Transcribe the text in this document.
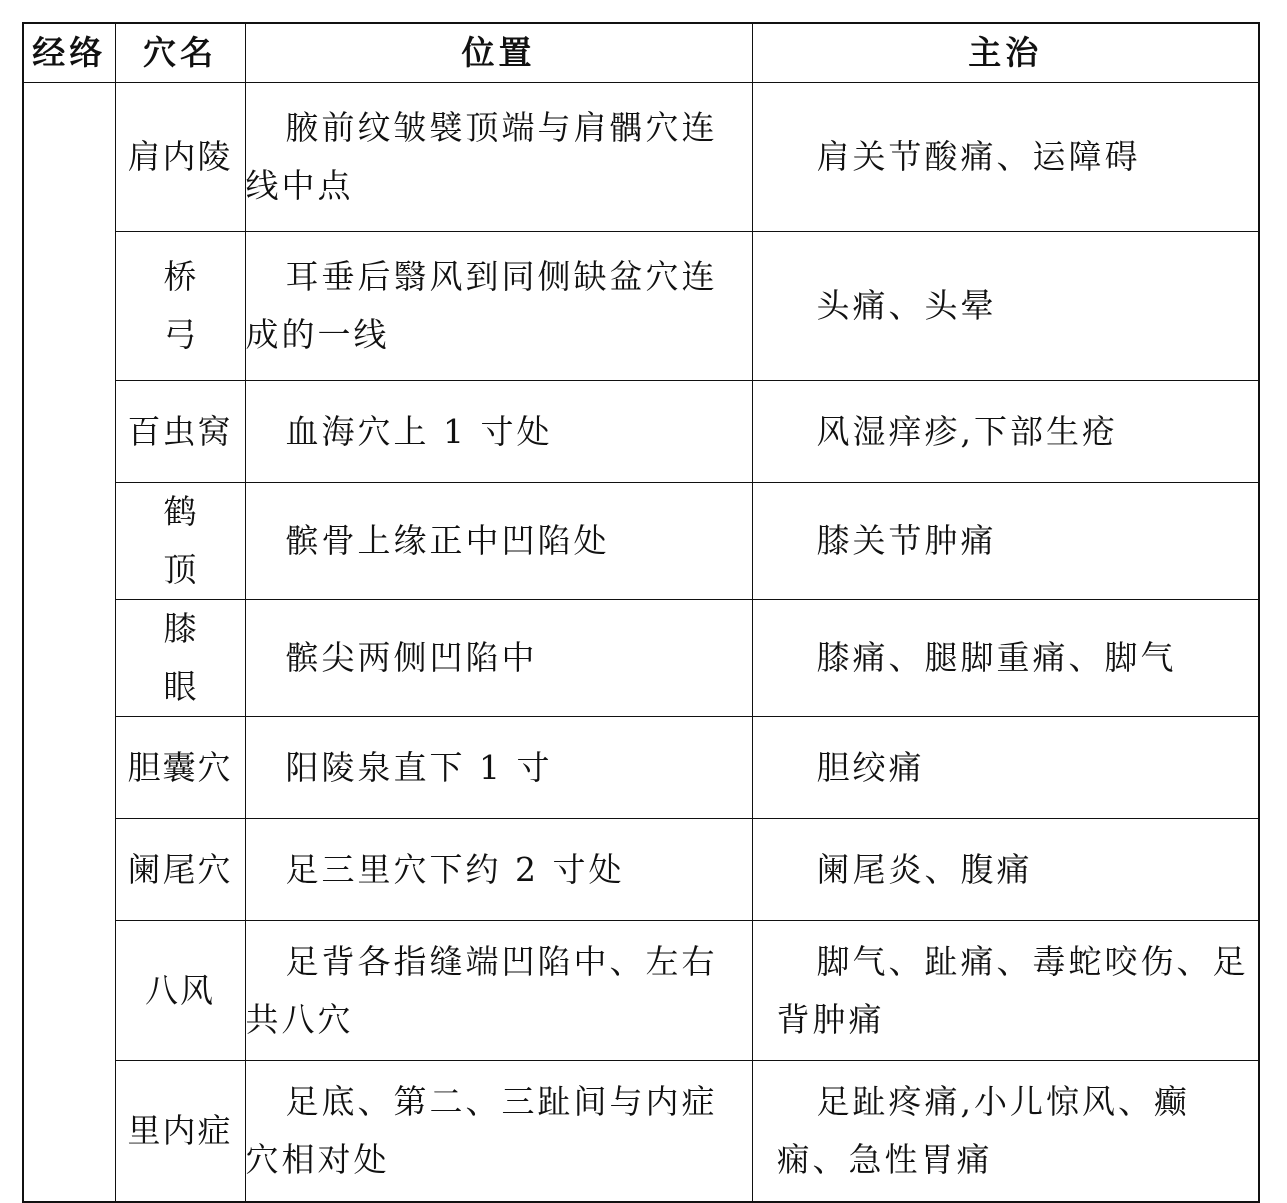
经络	穴名	位置	主治
	肩内陵	腋前纹皱襞顶端与肩髃穴连线中点	肩关节酸痛、运障碍
	桥弓	耳垂后翳风到同侧缺盆穴连成的一线	头痛、头晕
	百虫窝	血海穴上 1 寸处	风湿痒疹,下部生疮
	鹤顶	髌骨上缘正中凹陷处	膝关节肿痛
	膝眼	髌尖两侧凹陷中	膝痛、腿脚重痛、脚气
	胆囊穴	阳陵泉直下 1 寸	胆绞痛
	阑尾穴	足三里穴下约 2 寸处	阑尾炎、腹痛
	八风	足背各指缝端凹陷中、左右共八穴	脚气、趾痛、毒蛇咬伤、足背肿痛
	里内症	足底、第二、三趾间与内症穴相对处	足趾疼痛,小儿惊风、癫痫、急性胃痛
